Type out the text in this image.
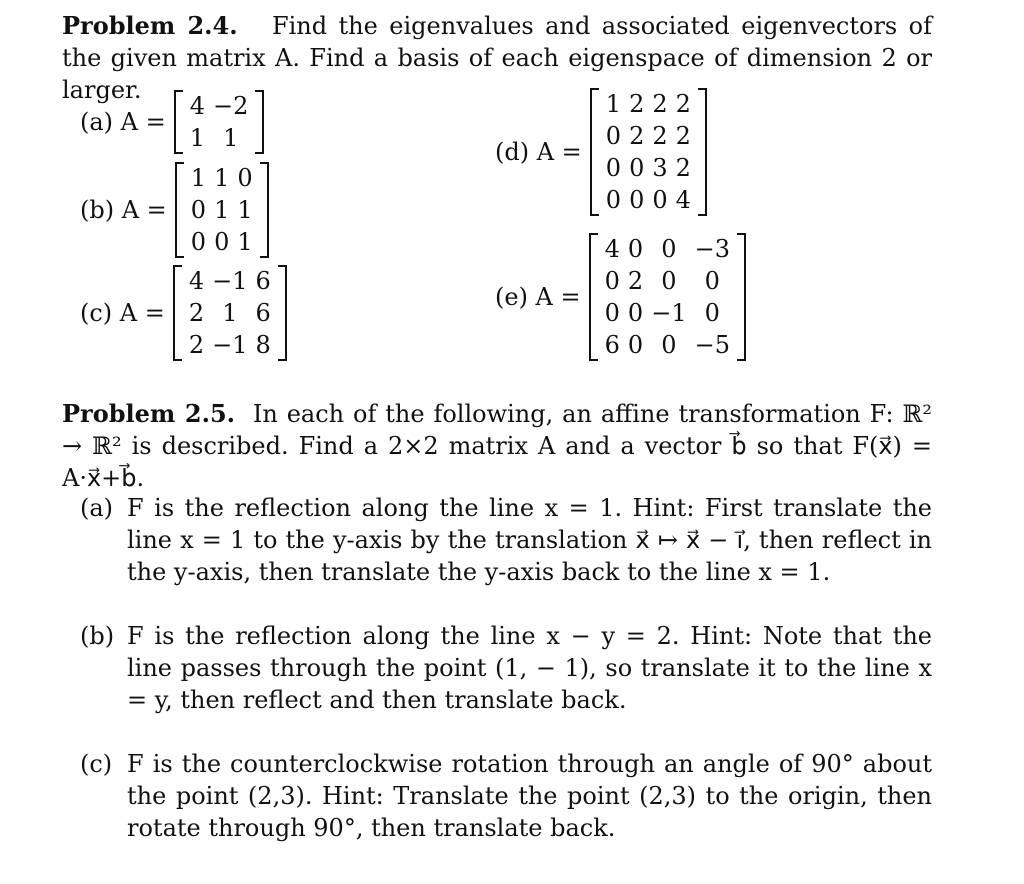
Problem 2.4. Find the eigenvalues and associated eigenvectors of the given matrix A. Find a basis of each eigenspace of dimension 2 or larger.
(a) A =
4 −2
1 1
(b) A =
1 1 0
0 1 1
0 0 1
(c) A =
4 −1 6
2 1 6
2 −1 8
(d) A =
1 2 2 2
0 2 2 2
0 0 3 2
0 0 0 4
(e) A =
4 0 0 −3
0 2 0	0
0 0 −1 0
6 0 0 −5
Problem 2.5. In each of the following, an affine transformation F: ℝ² → ℝ² is described. Find a 2×2 matrix A and a vector b⃗ so that F(x⃗) = A·x⃗+b⃗.
(a) F is the reflection along the line x = 1. Hint: First translate the line x = 1 to the y-axis by the translation x⃗ ↦ x⃗ − i⃗, then reflect in the y-axis, then translate the y-axis back to the line x = 1.
(b) F is the reflection along the line x − y = 2. Hint: Note that the line passes through the point (1, − 1), so translate it to the line x = y, then reflect and then translate back.
(c) F is the counterclockwise rotation through an angle of 90° about the point (2,3). Hint: Translate the point (2,3) to the origin, then rotate through 90°, then translate back.
